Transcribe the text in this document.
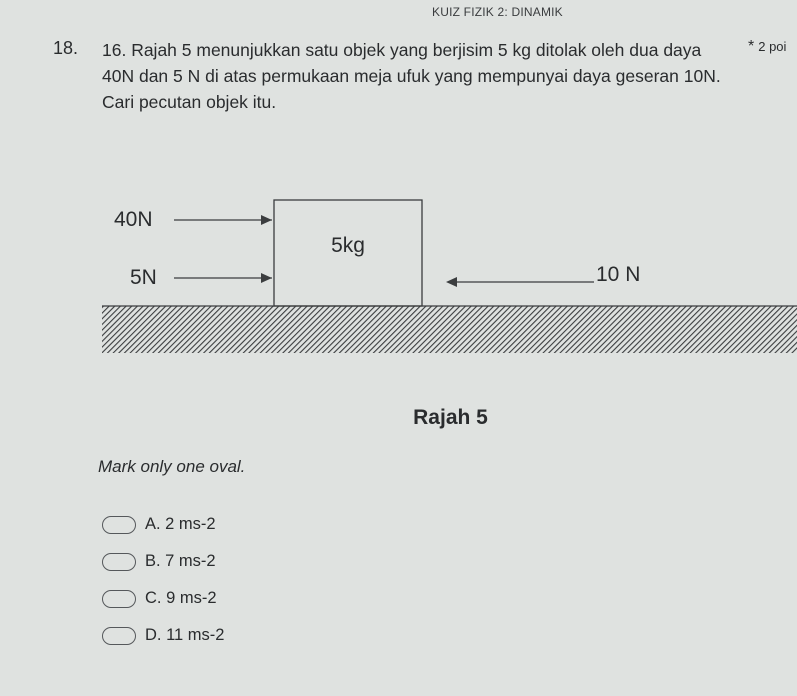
KUIZ FIZIK 2: DINAMIK
18. 16. Rajah 5 menunjukkan satu objek yang berjisim 5 kg ditolak oleh dua daya 40N dan 5 N di atas permukaan meja ufuk yang mempunyai daya geseran 10N. Cari pecutan objek itu.
* 2 poi
5kg
40N
5N	10 N
Rajah 5
Mark only one oval.
A. 2 ms-2
B. 7 ms-2
C. 9 ms-2
D. 11 ms-2
